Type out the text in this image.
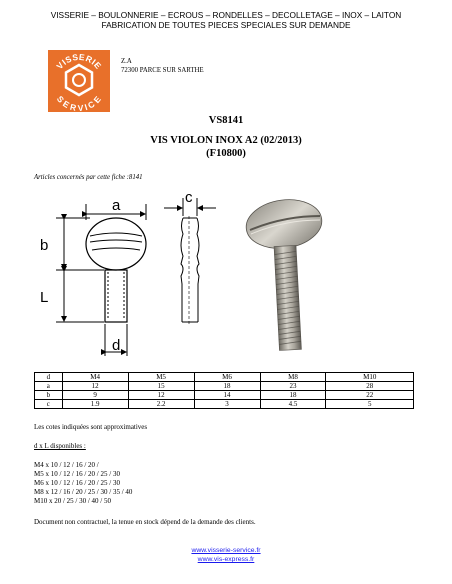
VISSERIE – BOULONNERIE – ECROUS – RONDELLES – DECOLLETAGE – INOX – LAITON
FABRICATION DE TOUTES PIECES SPECIALES SUR DEMANDE
VISSERIE
SERVICE
Z.A
72300 PARCE SUR SARTHE
VS8141
VIS VIOLON INOX A2 (02/2013)
(F10800)
Articles concernés par cette fiche :8141
a
b
L
d
c
d	M4	M5	M6	M8	M10
a	12	15	18	23	28
b	9	12	14	18	22
c	1.9	2.2	3	4.5	5
Les cotes indiquées sont approximatives
d x L disponibles :
M4 x 10 / 12 / 16 / 20 /
M5 x 10 / 12 / 16 / 20 / 25 / 30
M6 x 10 / 12 / 16 / 20 / 25 / 30
M8 x 12 / 16 / 20 / 25 / 30 / 35 / 40
M10 x 20 / 25 / 30 / 40 / 50
Document non contractuel, la tenue en stock dépend de la demande des clients.
www.visserie-service.fr
www.vis-express.fr
